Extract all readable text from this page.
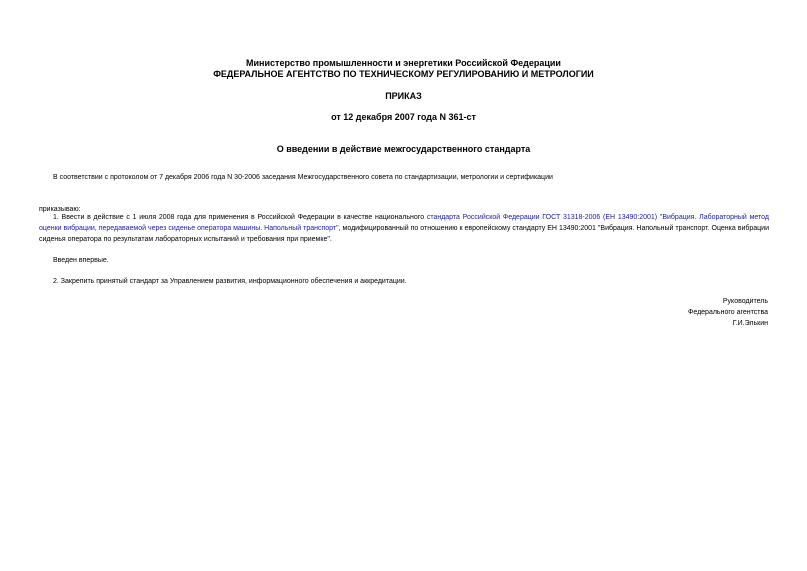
Министерство промышленности и энергетики Российской Федерации
ФЕДЕРАЛЬНОЕ АГЕНТСТВО ПО ТЕХНИЧЕСКОМУ РЕГУЛИРОВАНИЮ И МЕТРОЛОГИИ
ПРИКАЗ
от 12 декабря 2007 года N 361-ст
О введении в действие межгосударственного стандарта
В соответствии с протоколом от 7 декабря 2006 года N 30-2006 заседания Межгосударственного совета по стандартизации, метрологии и сертификации
приказываю:
1. Ввести в действие с 1 июля 2008 года для применения в Российской Федерации в качестве национального стандарта Российской Федерации ГОСТ 31318-2006 (ЕН 13490:2001) "Вибрация. Лабораторный метод оценки вибрации, передаваемой через сиденье оператора машины. Напольный транспорт", модифицированный по отношению к европейскому стандарту ЕН 13490:2001 "Вибрация. Напольный транспорт. Оценка вибрации сиденья оператора по результатам лабораторных испытаний и требования при приемке".
Введен впервые.
2. Закрепить принятый стандарт за Управлением развития, информационного обеспечения и аккредитации.
Руководитель
Федерального агентства
Г.И.Элькин
